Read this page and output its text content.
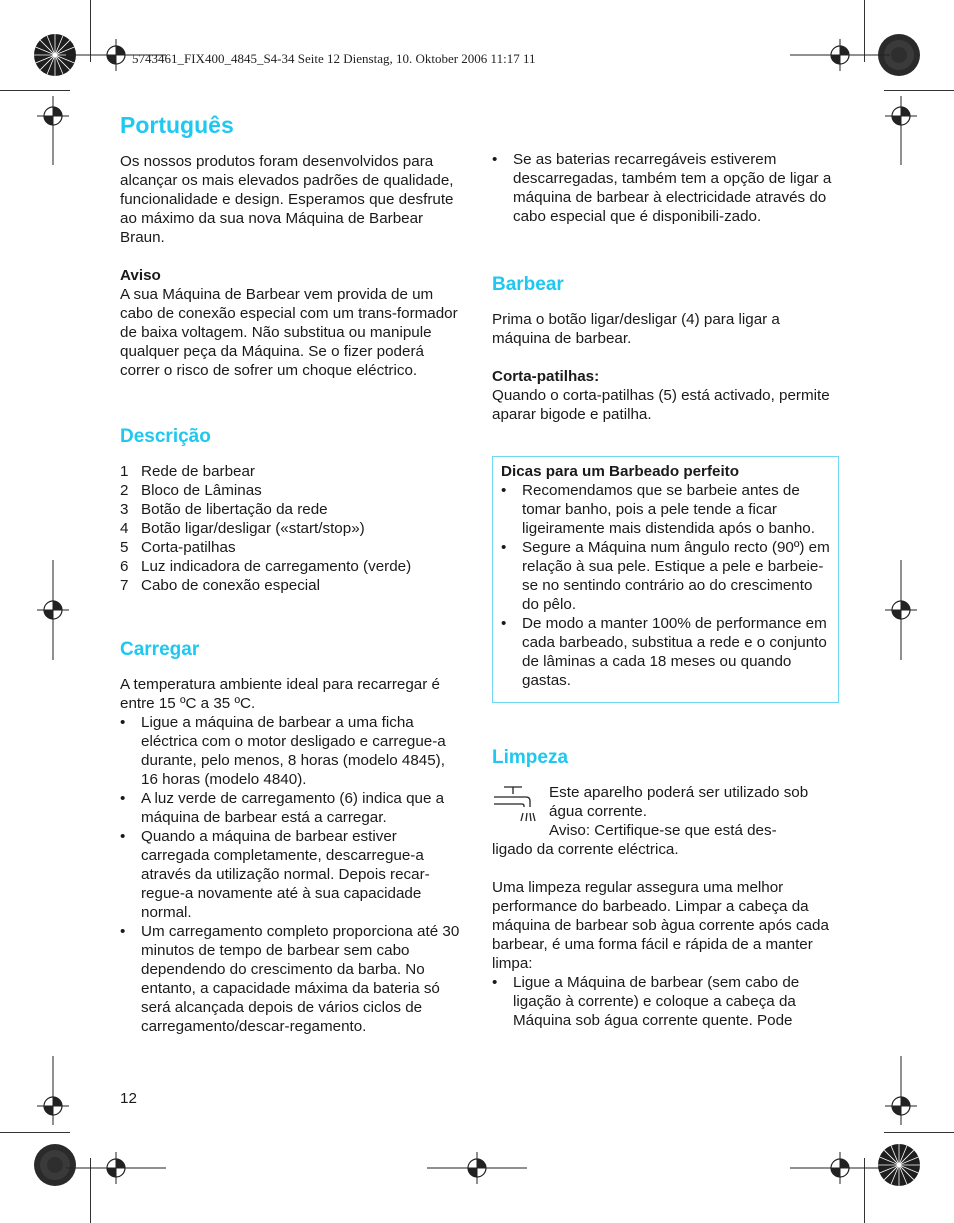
5743461_FIX400_4845_S4-34 Seite 12 Dienstag, 10. Oktober 2006 11:17 11
Português

Os nossos produtos foram desenvolvidos para alcançar os mais elevados padrões de qualidade, funcionalidade e design. Esperamos que desfrute ao máximo da sua nova Máquina de Barbear Braun.

Aviso

A sua Máquina de Barbear vem provida de um cabo de conexão especial com um trans-formador de baixa voltagem. Não substitua ou manipule qualquer peça da Máquina. Se o fizer poderá correr o risco de sofrer um choque eléctrico.

Descrição
1 Rede de barbear
2 Bloco de Lâminas
3 Botão de libertação da rede
4 Botão ligar/desligar («start/stop»)
5 Corta-patilhas
6 Luz indicadora de carregamento (verde)
7 Cabo de conexão especial
Carregar

A temperatura ambiente ideal para recarregar é entre 15 ºC a 35 ºC.

• Ligue a máquina de barbear a uma ficha eléctrica com o motor desligado e carregue-a durante, pelo menos, 8 horas (modelo 4845), 16 horas (modelo 4840).
• A luz verde de carregamento (6) indica que a máquina de barbear está a carregar.
• Quando a máquina de barbear estiver carregada completamente, descarregue-a através da utilização normal. Depois recar-regue-a novamente até à sua capacidade normal.
• Um carregamento completo proporciona até 30 minutos de tempo de barbear sem cabo dependendo do crescimento da barba. No entanto, a capacidade máxima da bateria só será alcançada depois de vários ciclos de carregamento/descar-regamento.
12
• Se as baterias recarregáveis estiverem descarregadas, também tem a opção de ligar a máquina de barbear à electricidade através do cabo especial que é disponibili-zado.
Barbear

Prima o botão ligar/desligar (4) para ligar a máquina de barbear.

Corta-patilhas:

Quando o corta-patilhas (5) está activado, permite aparar bigode e patilha.

Dicas para um Barbeado perfeito

• Recomendamos que se barbeie antes de tomar banho, pois a pele tende a ficar ligeiramente mais distendida após o banho.
• Segure a Máquina num ângulo recto (90º) em relação à sua pele. Estique a pele e barbeie-se no sentindo contrário ao do crescimento do pêlo.
• De modo a manter 100% de performance em cada barbeado, substitua a rede e o conjunto de lâminas a cada 18 meses ou quando gastas.
Limpeza

Este aparelho poderá ser utilizado sob água corrente.
Aviso: Certifique-se que está des-

ligado da corrente eléctrica.

Uma limpeza regular assegura uma melhor performance do barbeado. Limpar a cabeça da máquina de barbear sob àgua corrente após cada barbear, é uma forma fácil e rápida de a manter limpa:

• Ligue a Máquina de barbear (sem cabo de ligação à corrente) e coloque a cabeça da Máquina sob água corrente quente. Pode
